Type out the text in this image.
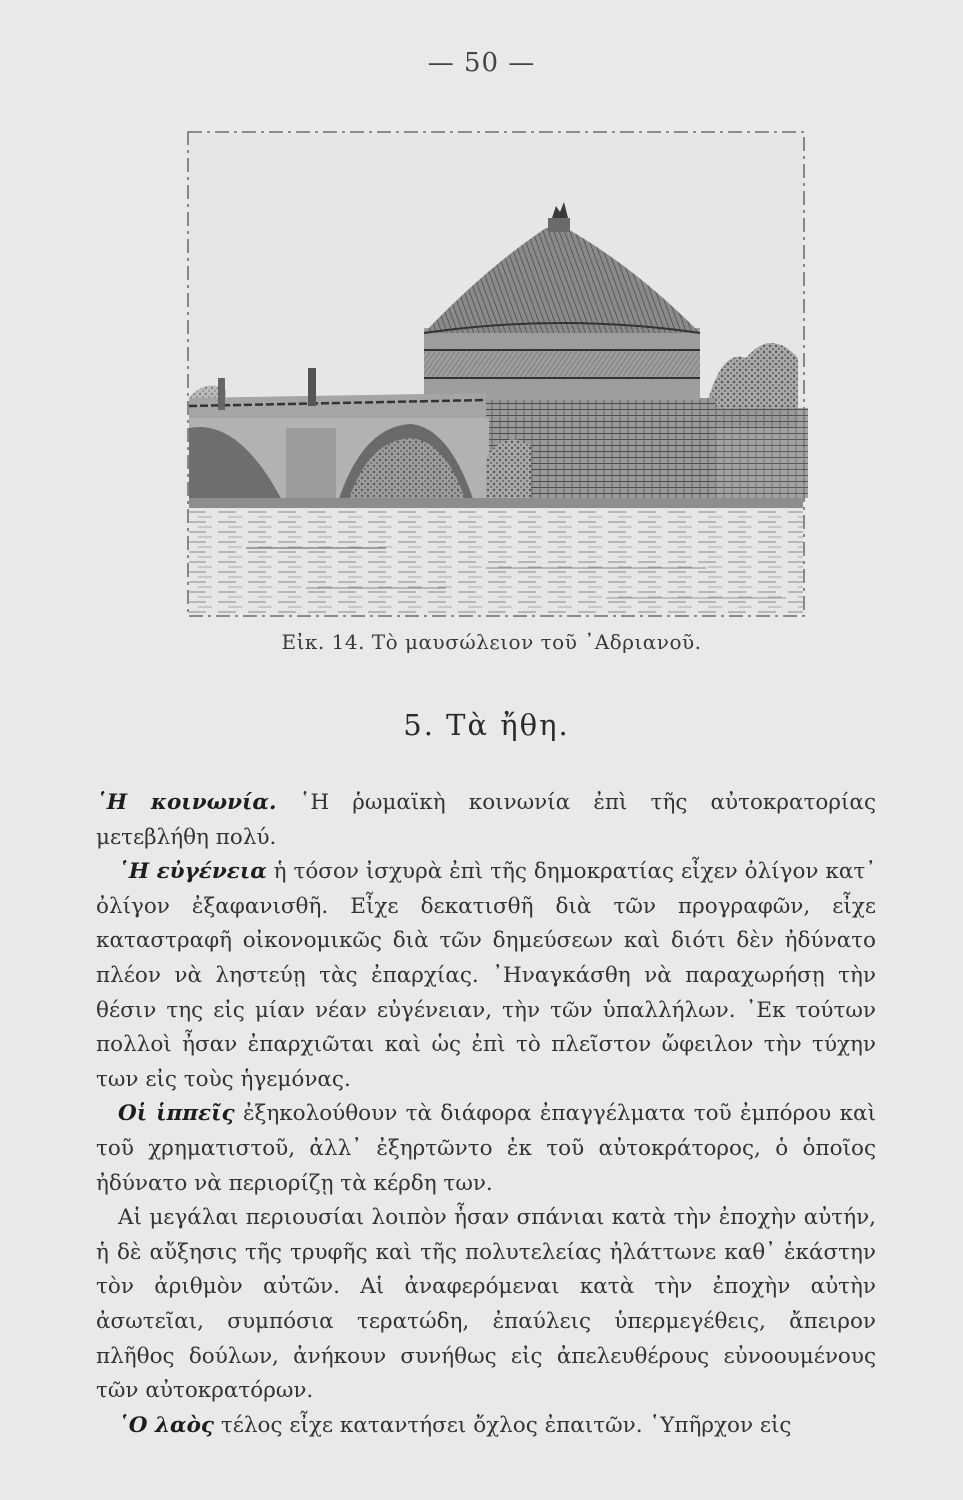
— 50 —
Εἰκ. 14. Τὸ μαυσώλειον τοῦ ᾿Αδριανοῦ.
5. Τὰ ἤθη.

῾Η κοινωνία. ῾Η ῥωμαϊκὴ κοινωνία ἐπὶ τῆς αὐτοκρατορίας μετεβλήθη πολύ.

῾Η εὐγένεια ἡ τόσον ἰσχυρὰ ἐπὶ τῆς δημοκρατίας εἶχεν ὀλίγον κατ᾿ ὀλίγον ἐξαφανισθῆ. Εἶχε δεκατισθῆ διὰ τῶν προγραφῶν, εἶχε καταστραφῆ οἰκονομικῶς διὰ τῶν δημεύσεων καὶ διότι δὲν ἠδύνατο πλέον νὰ ληστεύῃ τὰς ἐπαρχίας. ᾿Ηναγκάσθη νὰ παραχωρήσῃ τὴν θέσιν της εἰς μίαν νέαν εὐγένειαν, τὴν τῶν ὑπαλλήλων. ᾿Εκ τούτων πολλοὶ ἦσαν ἐπαρχιῶται καὶ ὡς ἐπὶ τὸ πλεῖστον ὤφειλον τὴν τύχην των εἰς τοὺς ἡγεμόνας.

Οἱ ἱππεῖς ἐξηκολούθουν τὰ διάφορα ἐπαγγέλματα τοῦ ἐμπόρου καὶ τοῦ χρηματιστοῦ, ἀλλ᾿ ἐξηρτῶντο ἐκ τοῦ αὐτοκράτορος, ὁ ὁποῖος ἠδύνατο νὰ περιορίζῃ τὰ κέρδη των.

Αἱ μεγάλαι περιουσίαι λοιπὸν ἦσαν σπάνιαι κατὰ τὴν ἐποχὴν αὐτήν, ἡ δὲ αὔξησις τῆς τρυφῆς καὶ τῆς πολυτελείας ἠλάττωνε καθ᾿ ἑκάστην τὸν ἀριθμὸν αὐτῶν. Αἱ ἀναφερόμεναι κατὰ τὴν ἐποχὴν αὐτὴν ἀσωτεῖαι, συμπόσια τερατώδη, ἐπαύλεις ὑπερμεγέθεις, ἄπειρον πλῆθος δούλων, ἀνήκουν συνήθως εἰς ἀπελευθέρους εὐνοουμένους τῶν αὐτοκρατόρων.

῾Ο λαὸς τέλος εἶχε καταντήσει ὄχλος ἐπαιτῶν. ῾Υπῆρχον εἰς
